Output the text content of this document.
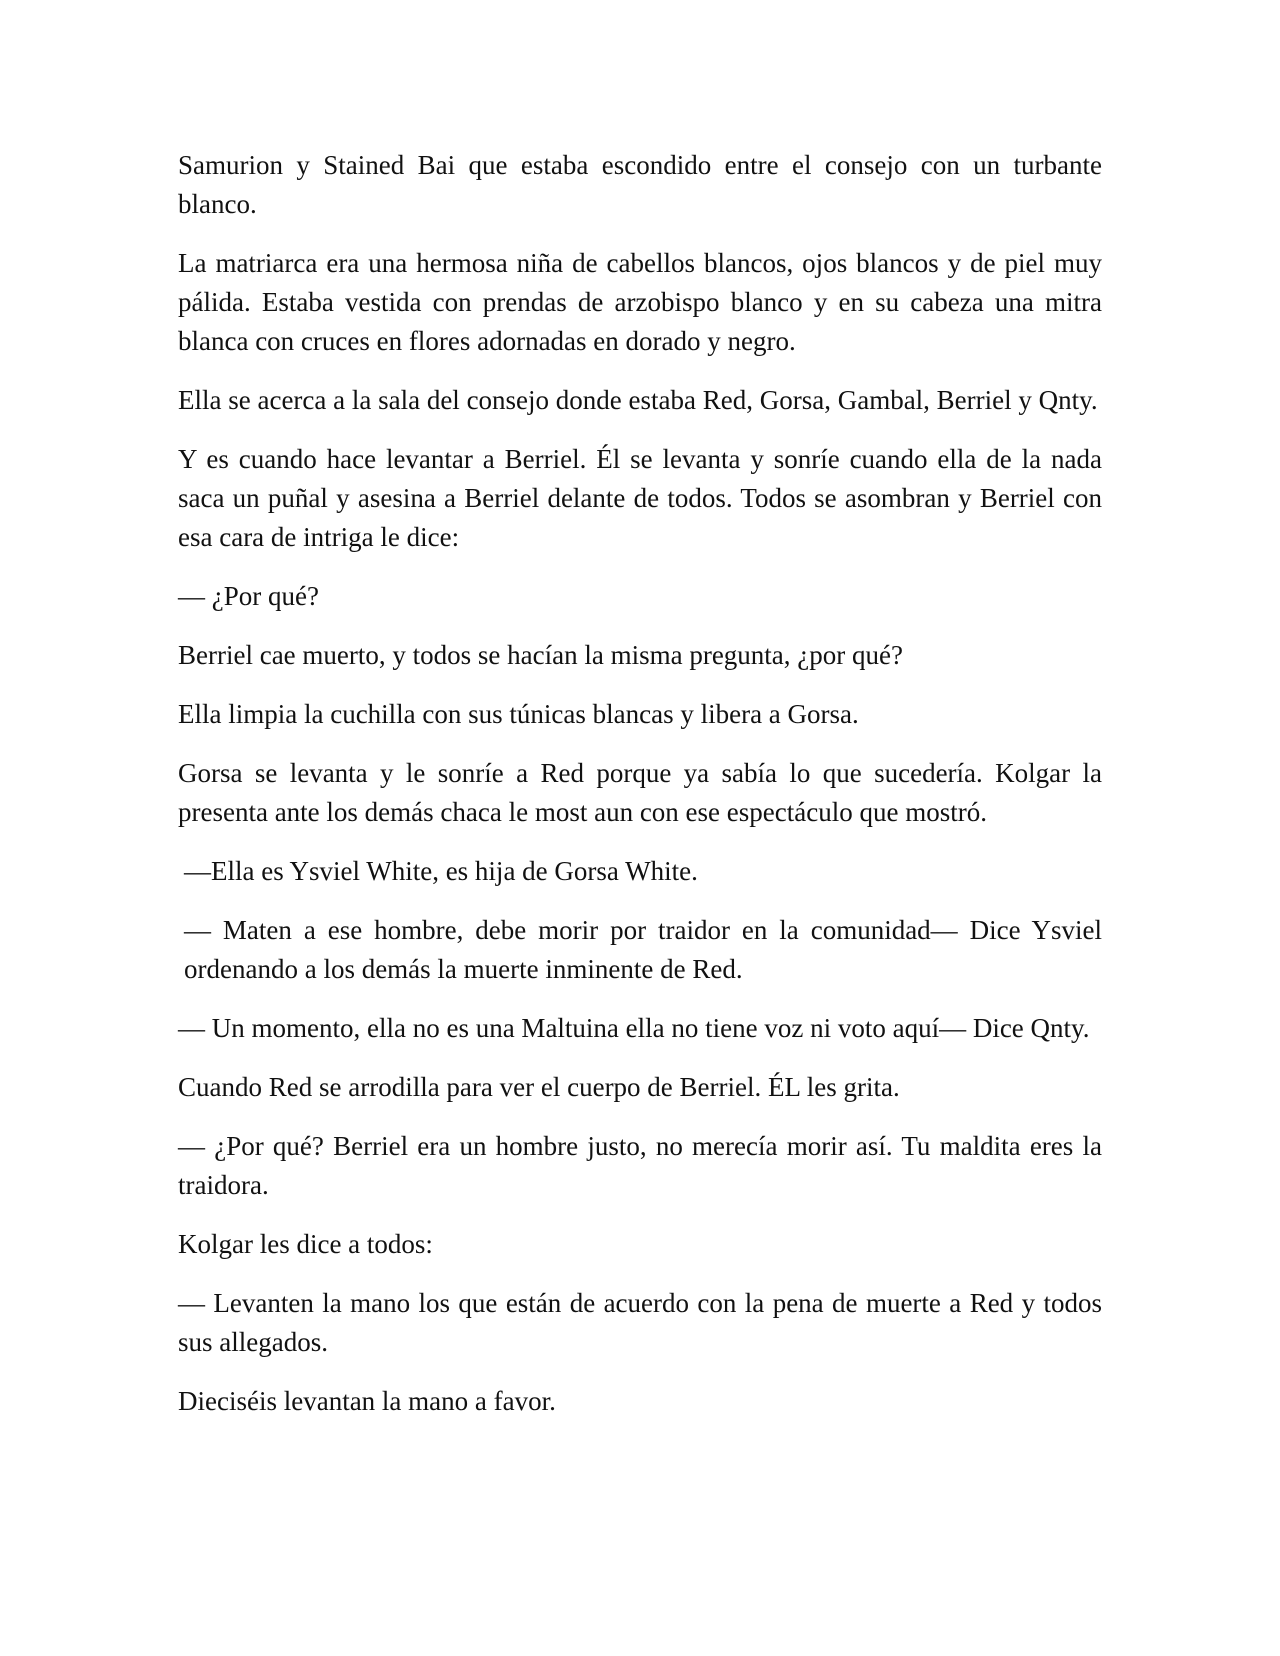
Samurion y Stained Bai que estaba escondido entre el consejo con un turbante blanco.

La matriarca era una hermosa niña de cabellos blancos, ojos blancos y de piel muy pálida. Estaba vestida con prendas de arzobispo blanco y en su cabeza una mitra blanca con cruces en flores adornadas en dorado y negro.

Ella se acerca a la sala del consejo donde estaba Red, Gorsa, Gambal, Berriel y Qnty.

Y es cuando hace levantar a Berriel. Él se levanta y sonríe cuando ella de la nada saca un puñal y asesina a Berriel delante de todos. Todos se asombran y Berriel con esa cara de intriga le dice:

— ¿Por qué?

Berriel cae muerto, y todos se hacían la misma pregunta, ¿por qué?

Ella limpia la cuchilla con sus túnicas blancas y libera a Gorsa.

Gorsa se levanta y le sonríe a Red porque ya sabía lo que sucedería. Kolgar la presenta ante los demás chaca le most aun con ese espectáculo que mostró.

—Ella es Ysviel White, es hija de Gorsa White.

— Maten a ese hombre, debe morir por traidor en la comunidad— Dice Ysviel ordenando a los demás la muerte inminente de Red.

— Un momento, ella no es una Maltuina ella no tiene voz ni voto aquí— Dice Qnty.

Cuando Red se arrodilla para ver el cuerpo de Berriel. ÉL les grita.

— ¿Por qué? Berriel era un hombre justo, no merecía morir así. Tu maldita eres la traidora.

Kolgar les dice a todos:

— Levanten la mano los que están de acuerdo con la pena de muerte a Red y todos sus allegados.

Dieciséis levantan la mano a favor.
